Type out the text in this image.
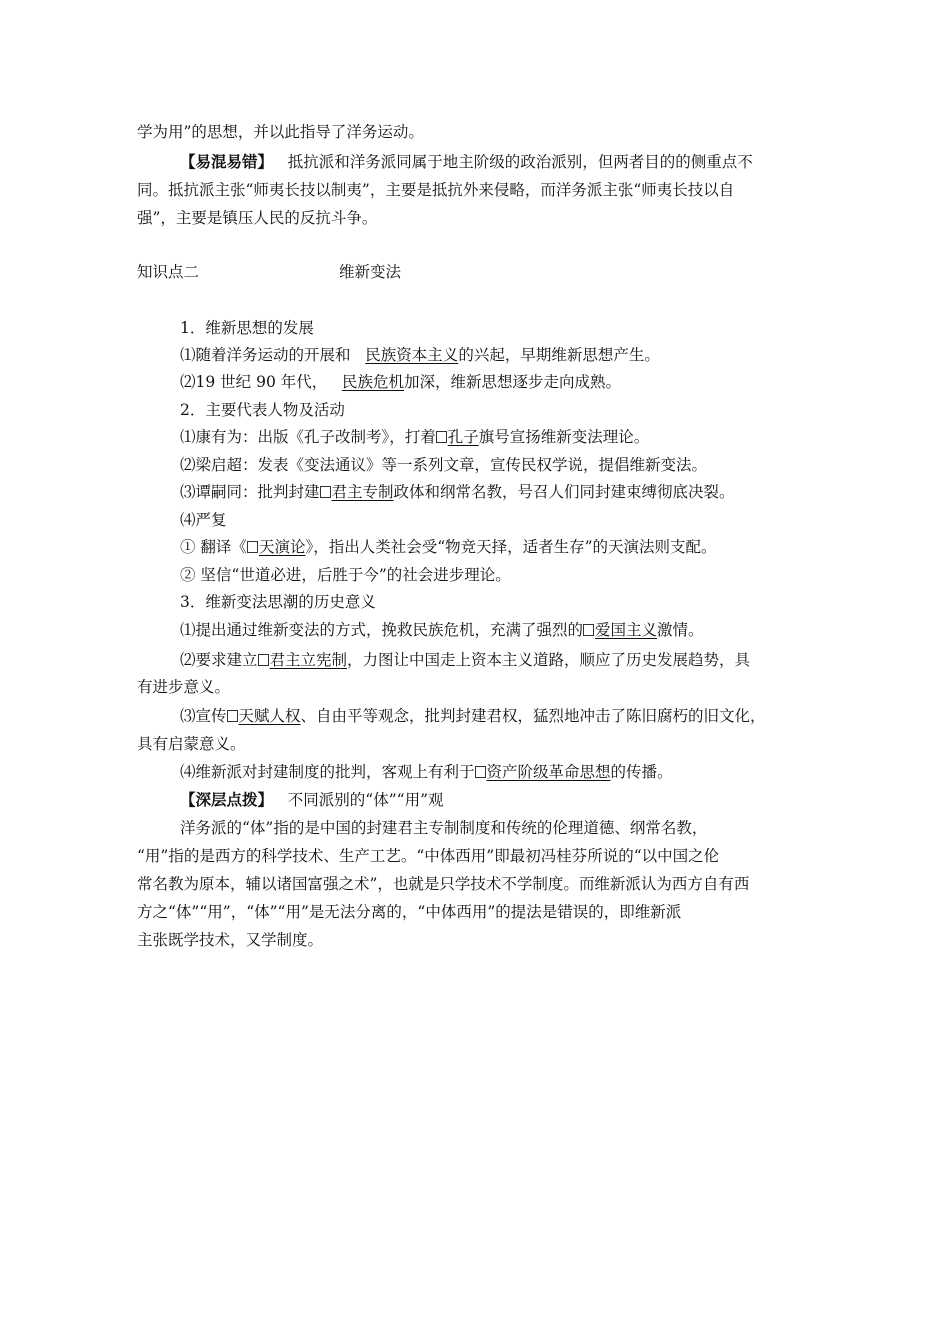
学为用”的思想，并以此指导了洋务运动。
【易混易错】 抵抗派和洋务派同属于地主阶级的政治派别，但两者目的的侧重点不
同。抵抗派主张“师夷长技以制夷”，主要是抵抗外来侵略，而洋务派主张“师夷长技以自
强”，主要是镇压人民的反抗斗争。
知识点二	维新变法
1．维新思想的发展
⑴随着洋务运动的开展和 民族资本主义的兴起，早期维新思想产生。
⑵19 世纪 90 年代， 民族危机加深，维新思想逐步走向成熟。
2．主要代表人物及活动
⑴康有为：出版《孔子改制考》，打着 孔子旗号宣扬维新变法理论。
⑵梁启超：发表《变法通议》等一系列文章，宣传民权学说，提倡维新变法。
⑶谭嗣同：批判封建 君主专制政体和纲常名教，号召人们同封建束缚彻底决裂。
⑷严复
① 翻译《 天演论》，指出人类社会受“物竞天择，适者生存”的天演法则支配。
② 坚信“世道必进，后胜于今”的社会进步理论。
3．维新变法思潮的历史意义
⑴提出通过维新变法的方式，挽救民族危机，充满了强烈的 爱国主义激情。
⑵要求建立 君主立宪制，力图让中国走上资本主义道路，顺应了历史发展趋势，具
有进步意义。
⑶宣传 天赋人权、自由平等观念，批判封建君权，猛烈地冲击了陈旧腐朽的旧文化，
具有启蒙意义。
⑷维新派对封建制度的批判，客观上有利于 资产阶级革命思想的传播。
【深层点拨】 不同派别的“体”“用”观
洋务派的“体”指的是中国的封建君主专制制度和传统的伦理道德、纲常名教，
“用”指的是西方的科学技术、生产工艺。“中体西用”即最初冯桂芬所说的“以中国之伦
常名教为原本，辅以诸国富强之术”，也就是只学技术不学制度。而维新派认为西方自有西
方之“体”“用”，“体”“用”是无法分离的，“中体西用”的提法是错误的，即维新派
主张既学技术，又学制度。
